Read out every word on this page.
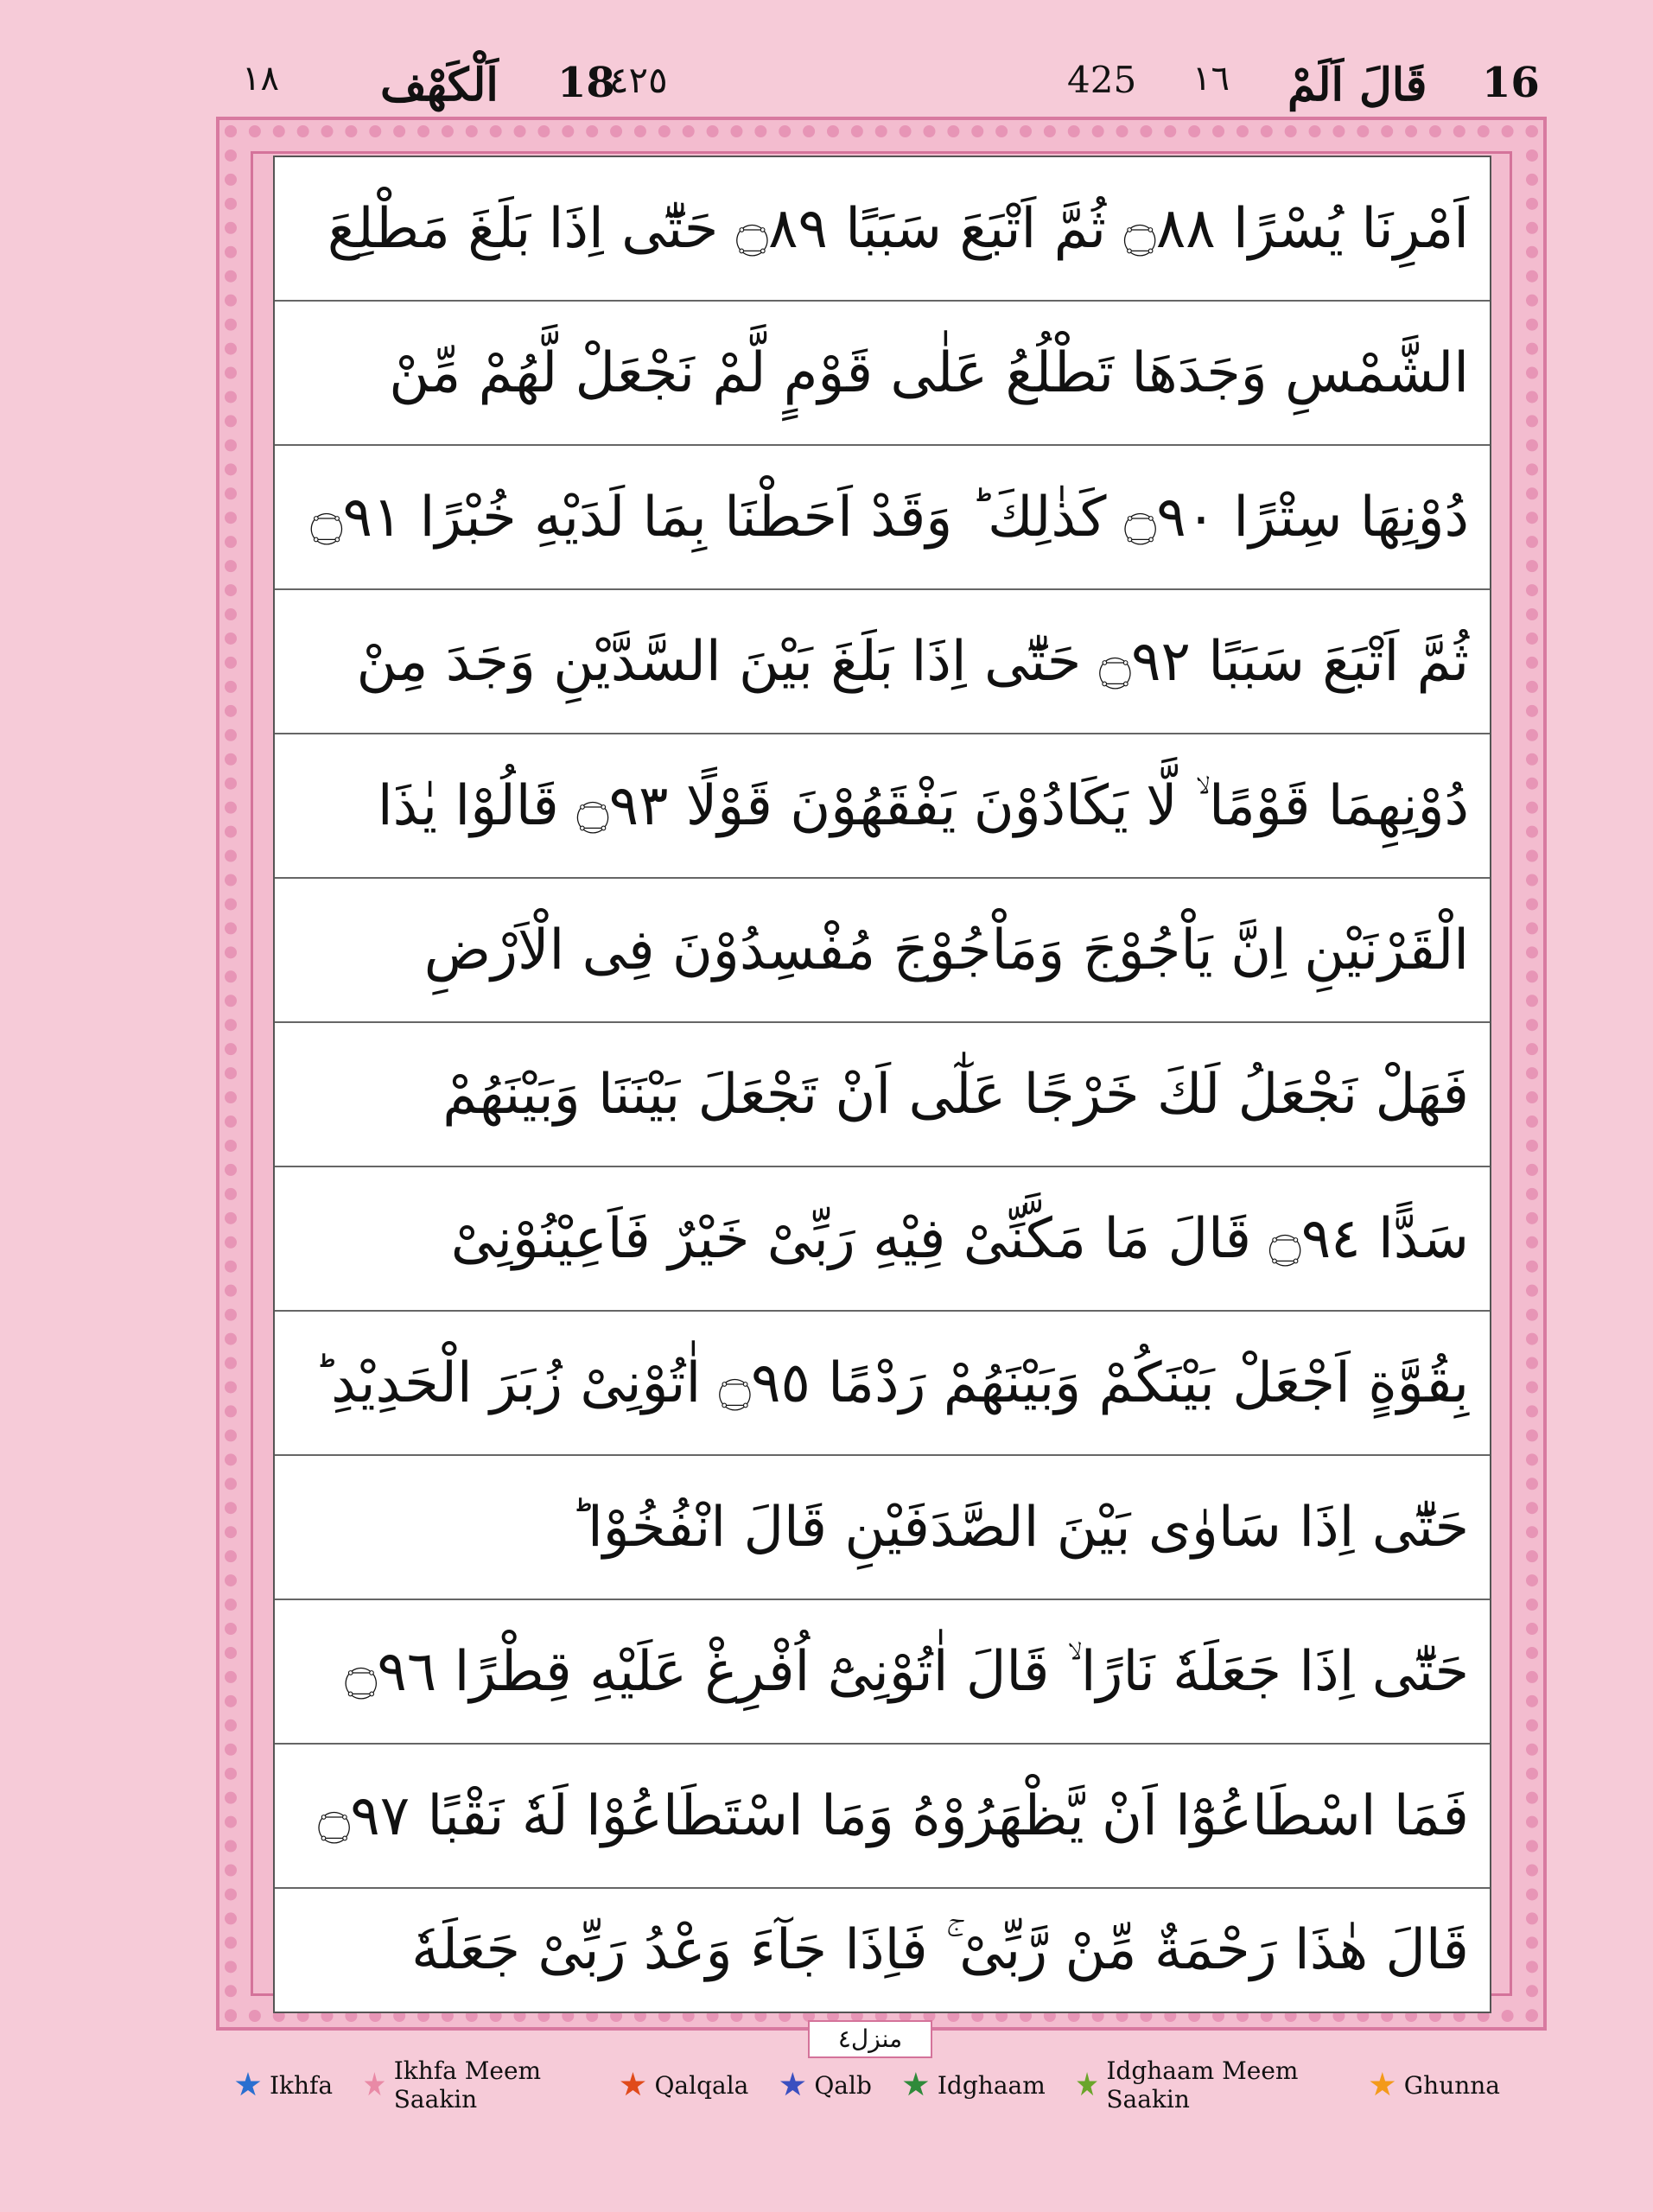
١٨ اَلْكَهْف 18
٤٢٥	425 ١٦ قَالَ اَلَمْ 16
اَمْرِنَا يُسْرًا ۝٨٨ ثُمَّ اَتْبَعَ سَبَبًا ۝٨٩ حَتّٰٓى اِذَا بَلَغَ مَطْلِعَ
الشَّمْسِ وَجَدَهَا تَطْلُعُ عَلٰى قَوْمٍ لَّمْ نَجْعَلْ لَّهُمْ مِّنْ
دُوْنِهَا سِتْرًا ۝٩٠ كَذٰلِكَ ؕ وَقَدْ اَحَطْنَا بِمَا لَدَيْهِ خُبْرًا ۝٩١
ثُمَّ اَتْبَعَ سَبَبًا ۝٩٢ حَتّٰٓى اِذَا بَلَغَ بَيْنَ السَّدَّيْنِ وَجَدَ مِنْ
دُوْنِهِمَا قَوْمًا ۙ لَّا يَكَادُوْنَ يَفْقَهُوْنَ قَوْلًا ۝٩٣ قَالُوْا يٰذَا
الْقَرْنَيْنِ اِنَّ يَاْجُوْجَ وَمَاْجُوْجَ مُفْسِدُوْنَ فِى الْاَرْضِ
فَهَلْ نَجْعَلُ لَكَ خَرْجًا عَلٰٓى اَنْ تَجْعَلَ بَيْنَنَا وَبَيْنَهُمْ
سَدًّا ۝٩٤ قَالَ مَا مَكَّنِّىْ فِيْهِ رَبِّىْ خَيْرٌ فَاَعِيْنُوْنِىْ
بِقُوَّةٍ اَجْعَلْ بَيْنَكُمْ وَبَيْنَهُمْ رَدْمًا ۝٩٥ اٰتُوْنِىْ زُبَرَ الْحَدِيْدِ ؕ
حَتّٰٓى اِذَا سَاوٰى بَيْنَ الصَّدَفَيْنِ قَالَ انْفُخُوْا ؕ
حَتّٰٓى اِذَا جَعَلَهٗ نَارًا ۙ قَالَ اٰتُوْنِىْٓ اُفْرِغْ عَلَيْهِ قِطْرًا ۝٩٦
فَمَا اسْطَاعُوْٓا اَنْ يَّظْهَرُوْهُ وَمَا اسْتَطَاعُوْا لَهٗ نَقْبًا ۝٩٧
قَالَ هٰذَا رَحْمَةٌ مِّنْ رَّبِّىْ ۚ فَاِذَا جَآءَ وَعْدُ رَبِّىْ جَعَلَهٗ
منزل٤
Ikhfa	Ikhfa Meem Saakin	Qalqala	Qalb	Idghaam	Idghaam Meem Saakin	Ghunna
